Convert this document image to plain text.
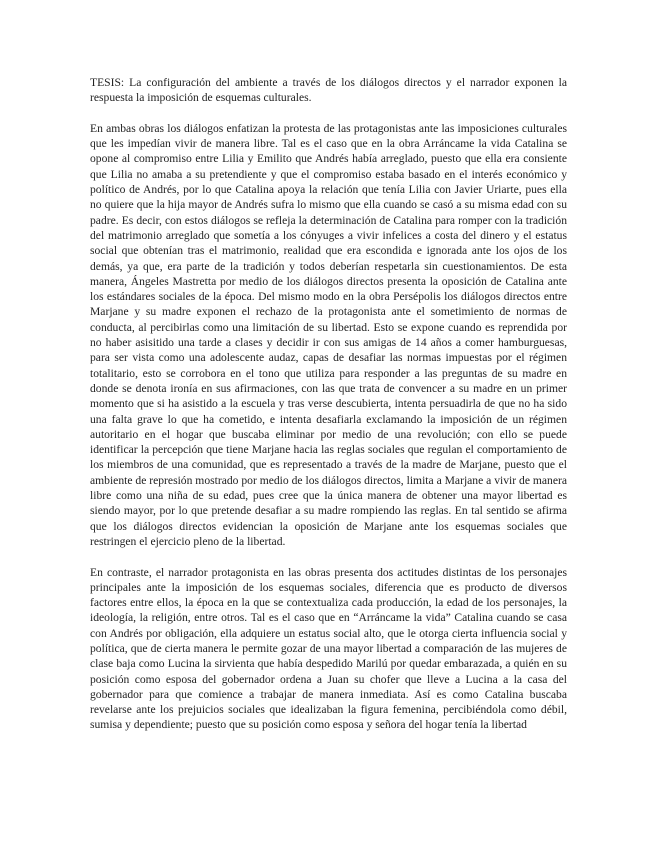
TESIS: La configuración del ambiente a través de los diálogos directos y el narrador exponen la respuesta la imposición de esquemas culturales.

En ambas obras los diálogos enfatizan la protesta de las protagonistas ante las imposiciones culturales que les impedían vivir de manera libre. Tal es el caso que en la obra Arráncame la vida Catalina se opone al compromiso entre Lilia y Emilito que Andrés había arreglado, puesto que ella era consiente que Lilia no amaba a su pretendiente y que el compromiso estaba basado en el interés económico y político de Andrés, por lo que Catalina apoya la relación que tenía Lilia con Javier Uriarte, pues ella no quiere que la hija mayor de Andrés sufra lo mismo que ella cuando se casó a su misma edad con su padre. Es decir, con estos diálogos se refleja la determinación de Catalina para romper con la tradición del matrimonio arreglado que sometía a los cónyuges a vivir infelices a costa del dinero y el estatus social que obtenían tras el matrimonio, realidad que era escondida e ignorada ante los ojos de los demás, ya que, era parte de la tradición y todos deberían respetarla sin cuestionamientos. De esta manera, Ángeles Mastretta por medio de los diálogos directos presenta la oposición de Catalina ante los estándares sociales de la época. Del mismo modo en la obra Persépolis los diálogos directos entre Marjane y su madre exponen el rechazo de la protagonista ante el sometimiento de normas de conducta, al percibirlas como una limitación de su libertad. Esto se expone cuando es reprendida por no haber asisitido una tarde a clases y decidir ir con sus amigas de 14 años a comer hamburguesas, para ser vista como una adolescente audaz, capas de desafiar las normas impuestas por el régimen totalitario, esto se corrobora en el tono que utiliza para responder a las preguntas de su madre en donde se denota ironía en sus afirmaciones, con las que trata de convencer a su madre en un primer momento que si ha asistido a la escuela y tras verse descubierta, intenta persuadirla de que no ha sido una falta grave lo que ha cometido, e intenta desafiarla exclamando la imposición de un régimen autoritario en el hogar que buscaba eliminar por medio de una revolución; con ello se puede identificar la percepción que tiene Marjane hacia las reglas sociales que regulan el comportamiento de los miembros de una comunidad, que es representado a través de la madre de Marjane, puesto que el ambiente de represión mostrado por medio de los diálogos directos, limita a Marjane a vivir de manera libre como una niña de su edad, pues cree que la única manera de obtener una mayor libertad es siendo mayor, por lo que pretende desafiar a su madre rompiendo las reglas. En tal sentido se afirma que los diálogos directos evidencian la oposición de Marjane ante los esquemas sociales que restringen el ejercicio pleno de la libertad.

En contraste, el narrador protagonista en las obras presenta dos actitudes distintas de los personajes principales ante la imposición de los esquemas sociales, diferencia que es producto de diversos factores entre ellos, la época en la que se contextualiza cada producción, la edad de los personajes, la ideología, la religión, entre otros. Tal es el caso que en “Arráncame la vida” Catalina cuando se casa con Andrés por obligación, ella adquiere un estatus social alto, que le otorga cierta influencia social y política, que de cierta manera le permite gozar de una mayor libertad a comparación de las mujeres de clase baja como Lucina la sirvienta que había despedido Marilú por quedar embarazada, a quién en su posición como esposa del gobernador ordena a Juan su chofer que lleve a Lucina a la casa del gobernador para que comience a trabajar de manera inmediata. Así es como Catalina buscaba revelarse ante los prejuicios sociales que idealizaban la figura femenina, percibiéndola como débil, sumisa y dependiente; puesto que su posición como esposa y señora del hogar tenía la libertad
